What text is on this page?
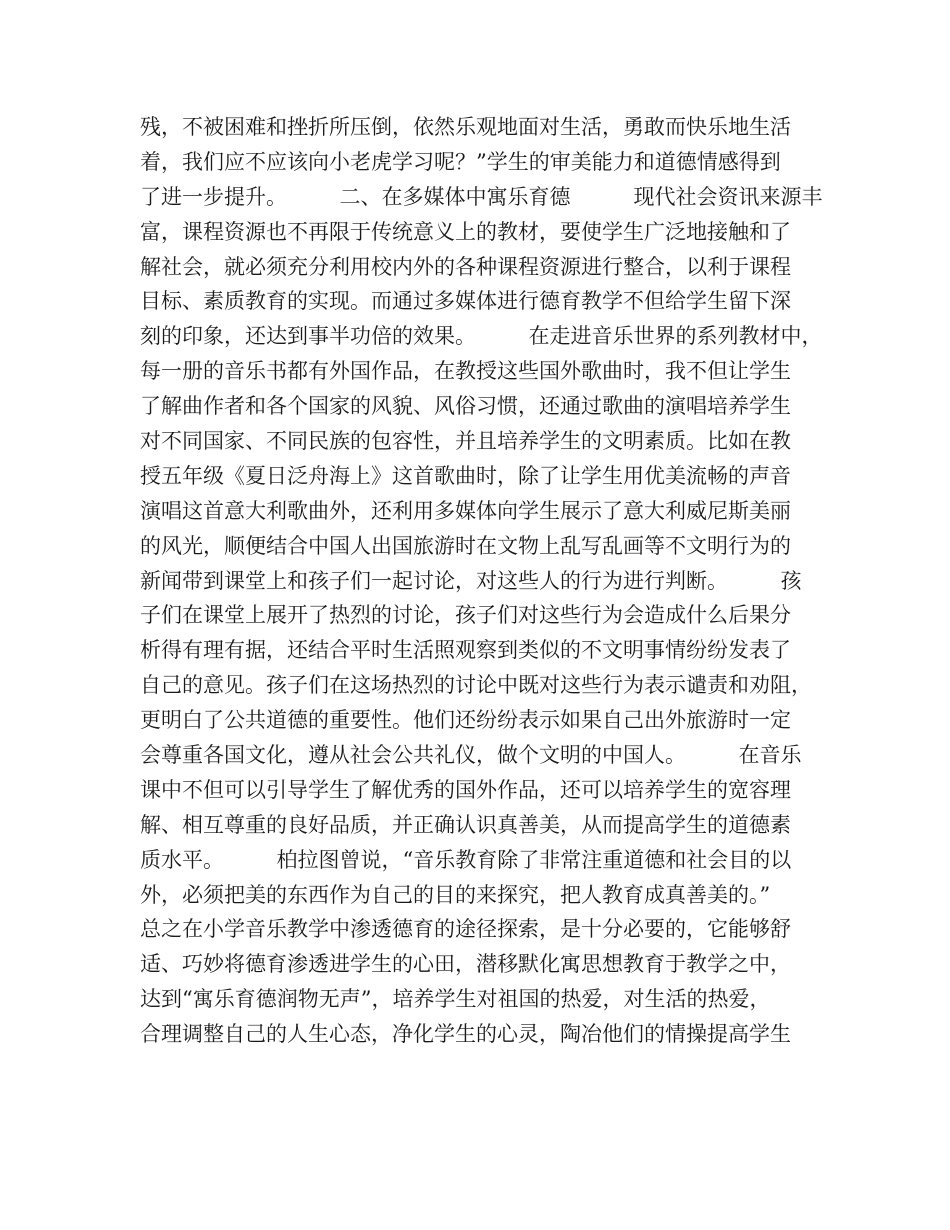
残，不被困难和挫折所压倒，依然乐观地面对生活，勇敢而快乐地生活
着，我们应不应该向小老虎学习呢？”学生的审美能力和道德情感得到
了进一步提升。　　　二、在多媒体中寓乐育德　　　现代社会资讯来源丰
富，课程资源也不再限于传统意义上的教材，要使学生广泛地接触和了
解社会，就必须充分利用校内外的各种课程资源进行整合，以利于课程
目标、素质教育的实现。而通过多媒体进行德育教学不但给学生留下深
刻的印象，还达到事半功倍的效果。　　　在走进音乐世界的系列教材中，
每一册的音乐书都有外国作品，在教授这些国外歌曲时，我不但让学生
了解曲作者和各个国家的风貌、风俗习惯，还通过歌曲的演唱培养学生
对不同国家、不同民族的包容性，并且培养学生的文明素质。比如在教
授五年级《夏日泛舟海上》这首歌曲时，除了让学生用优美流畅的声音
演唱这首意大利歌曲外，还利用多媒体向学生展示了意大利威尼斯美丽
的风光，顺便结合中国人出国旅游时在文物上乱写乱画等不文明行为的
新闻带到课堂上和孩子们一起讨论，对这些人的行为进行判断。　　　孩
子们在课堂上展开了热烈的讨论，孩子们对这些行为会造成什么后果分
析得有理有据，还结合平时生活照观察到类似的不文明事情纷纷发表了
自己的意见。孩子们在这场热烈的讨论中既对这些行为表示谴责和劝阻，
更明白了公共道德的重要性。他们还纷纷表示如果自己出外旅游时一定
会尊重各国文化，遵从社会公共礼仪，做个文明的中国人。　　　在音乐
课中不但可以引导学生了解优秀的国外作品，还可以培养学生的宽容理
解、相互尊重的良好品质，并正确认识真善美，从而提高学生的道德素
质水平。　　　柏拉图曾说，“音乐教育除了非常注重道德和社会目的以
外，必须把美的东西作为自己的目的来探究，把人教育成真善美的。”
总之在小学音乐教学中渗透德育的途径探索，是十分必要的，它能够舒
适、巧妙将德育渗透进学生的心田，潜移默化寓思想教育于教学之中，
达到“寓乐育德润物无声”，培养学生对祖国的热爱，对生活的热爱，
合理调整自己的人生心态，净化学生的心灵，陶冶他们的情操提高学生
